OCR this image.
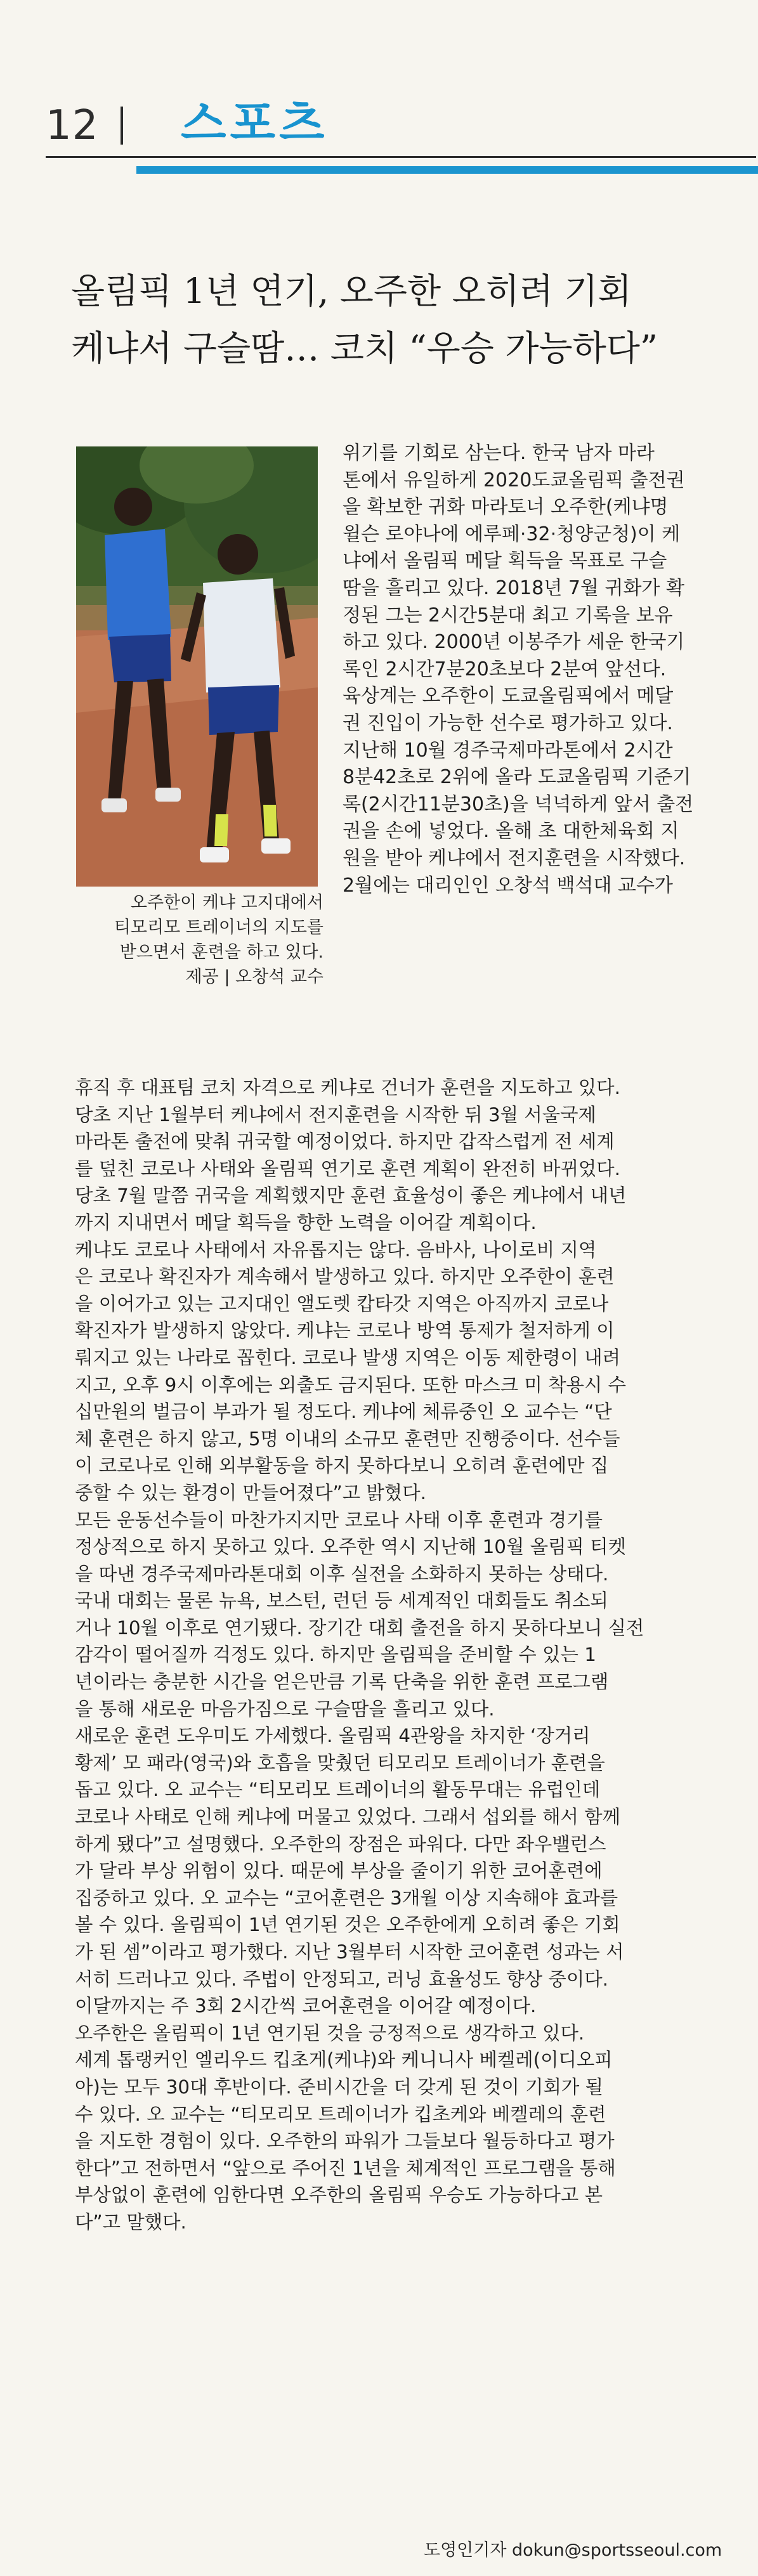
12 스포츠
올림픽 1년 연기, 오주한 오히려 기회
케냐서 구슬땀… 코치 “우승 가능하다”
오주한이 케냐 고지대에서
티모리모 트레이너의 지도를
받으면서 훈련을 하고 있다.
제공 | 오창석 교수
위기를 기회로 삼는다. 한국 남자 마라
톤에서 유일하게 2020도쿄올림픽 출전권
을 확보한 귀화 마라토너 오주한(케냐명
윌슨 로야나에 에루페·32·청양군청)이 케
냐에서 올림픽 메달 획득을 목표로 구슬
땀을 흘리고 있다. 2018년 7월 귀화가 확
정된 그는 2시간5분대 최고 기록을 보유
하고 있다. 2000년 이봉주가 세운 한국기
록인 2시간7분20초보다 2분여 앞선다.
육상계는 오주한이 도쿄올림픽에서 메달
권 진입이 가능한 선수로 평가하고 있다.
지난해 10월 경주국제마라톤에서 2시간
8분42초로 2위에 올라 도쿄올림픽 기준기
록(2시간11분30초)을 넉넉하게 앞서 출전
권을 손에 넣었다. 올해 초 대한체육회 지
원을 받아 케냐에서 전지훈련을 시작했다.
2월에는 대리인인 오창석 백석대 교수가
휴직 후 대표팀 코치 자격으로 케냐로 건너가 훈련을 지도하고 있다.
당초 지난 1월부터 케냐에서 전지훈련을 시작한 뒤 3월 서울국제
마라톤 출전에 맞춰 귀국할 예정이었다. 하지만 갑작스럽게 전 세계
를 덮친 코로나 사태와 올림픽 연기로 훈련 계획이 완전히 바뀌었다.
당초 7월 말쯤 귀국을 계획했지만 훈련 효율성이 좋은 케냐에서 내년
까지 지내면서 메달 획득을 향한 노력을 이어갈 계획이다.
케냐도 코로나 사태에서 자유롭지는 않다. 음바사, 나이로비 지역
은 코로나 확진자가 계속해서 발생하고 있다. 하지만 오주한이 훈련
을 이어가고 있는 고지대인 앨도렛 캅타갓 지역은 아직까지 코로나
확진자가 발생하지 않았다. 케냐는 코로나 방역 통제가 철저하게 이
뤄지고 있는 나라로 꼽힌다. 코로나 발생 지역은 이동 제한령이 내려
지고, 오후 9시 이후에는 외출도 금지된다. 또한 마스크 미 착용시 수
십만원의 벌금이 부과가 될 정도다. 케냐에 체류중인 오 교수는 “단
체 훈련은 하지 않고, 5명 이내의 소규모 훈련만 진행중이다. 선수들
이 코로나로 인해 외부활동을 하지 못하다보니 오히려 훈련에만 집
중할 수 있는 환경이 만들어졌다”고 밝혔다.
모든 운동선수들이 마찬가지지만 코로나 사태 이후 훈련과 경기를
정상적으로 하지 못하고 있다. 오주한 역시 지난해 10월 올림픽 티켓
을 따낸 경주국제마라톤대회 이후 실전을 소화하지 못하는 상태다.
국내 대회는 물론 뉴욕, 보스턴, 런던 등 세계적인 대회들도 취소되
거나 10월 이후로 연기됐다. 장기간 대회 출전을 하지 못하다보니 실전
감각이 떨어질까 걱정도 있다. 하지만 올림픽을 준비할 수 있는 1
년이라는 충분한 시간을 얻은만큼 기록 단축을 위한 훈련 프로그램
을 통해 새로운 마음가짐으로 구슬땀을 흘리고 있다.
새로운 훈련 도우미도 가세했다. 올림픽 4관왕을 차지한 ‘장거리
황제’ 모 패라(영국)와 호흡을 맞췄던 티모리모 트레이너가 훈련을
돕고 있다. 오 교수는 “티모리모 트레이너의 활동무대는 유럽인데
코로나 사태로 인해 케냐에 머물고 있었다. 그래서 섭외를 해서 함께
하게 됐다”고 설명했다. 오주한의 장점은 파워다. 다만 좌우밸런스
가 달라 부상 위험이 있다. 때문에 부상을 줄이기 위한 코어훈련에
집중하고 있다. 오 교수는 “코어훈련은 3개월 이상 지속해야 효과를
볼 수 있다. 올림픽이 1년 연기된 것은 오주한에게 오히려 좋은 기회
가 된 셈”이라고 평가했다. 지난 3월부터 시작한 코어훈련 성과는 서
서히 드러나고 있다. 주법이 안정되고, 러닝 효율성도 향상 중이다.
이달까지는 주 3회 2시간씩 코어훈련을 이어갈 예정이다.
오주한은 올림픽이 1년 연기된 것을 긍정적으로 생각하고 있다.
세계 톱랭커인 엘리우드 킵초게(케냐)와 케니니사 베켈레(이디오피
아)는 모두 30대 후반이다. 준비시간을 더 갖게 된 것이 기회가 될
수 있다. 오 교수는 “티모리모 트레이너가 킵초케와 베켈레의 훈련
을 지도한 경험이 있다. 오주한의 파워가 그들보다 월등하다고 평가
한다”고 전하면서 “앞으로 주어진 1년을 체계적인 프로그램을 통해
부상없이 훈련에 임한다면 오주한의 올림픽 우승도 가능하다고 본
다”고 말했다.
도영인기자 dokun@sportsseoul.com
